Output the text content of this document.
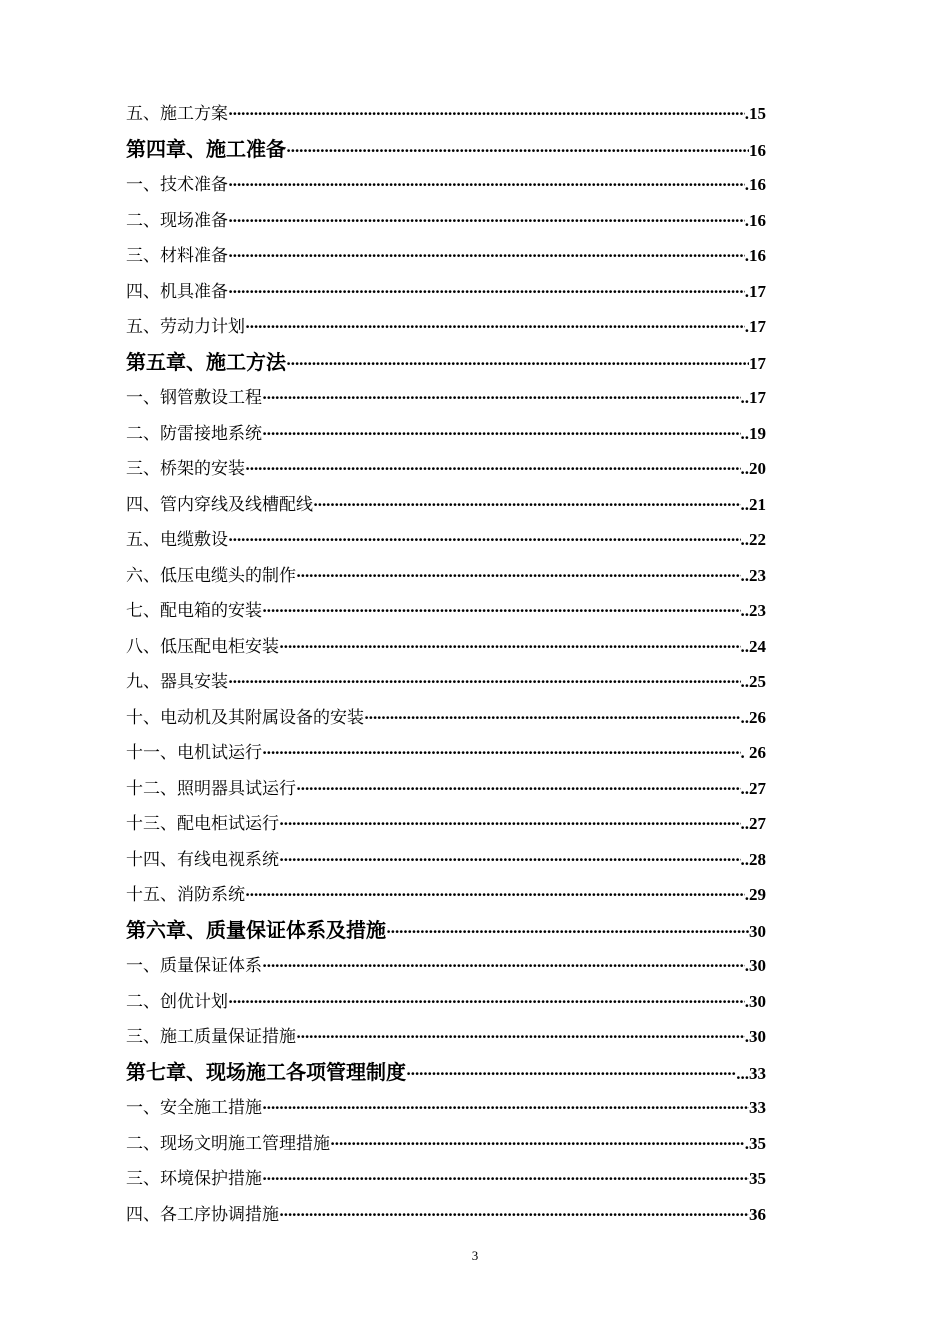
五、施工方案 ·····	.15
第四章、施工准备 ·····	16
一、技术准备 ·····	.16
二、现场准备 ·····	.16
三、材料准备 ·····	.16
四、机具准备 ·····	.17
五、劳动力计划 ·····	.17
第五章、施工方法 ·····	17
一、钢管敷设工程 ·····	..17
二、防雷接地系统 ·····	..19
三、桥架的安装 ·····	..20
四、管内穿线及线槽配线 ·····	..21
五、电缆敷设 ·····	..22
六、低压电缆头的制作 ·····	..23
七、配电箱的安装 ·····	..23
八、低压配电柜安装 ·····	..24
九、器具安装 ·····	..25
十、电动机及其附属设备的安装 ·····	..26
十一、电机试运行 ·····	. 26
十二、照明器具试运行 ·····	..27
十三、配电柜试运行 ·····	..27
十四、有线电视系统 ·····	..28
十五、消防系统 ·····	.29
第六章、质量保证体系及措施 ·····	30
一、质量保证体系 ·····	.30
二、创优计划 ·····	.30
三、施工质量保证措施 ·····	.30
第七章、现场施工各项管理制度 ·····	...33
一、安全施工措施 ·····	33
二、现场文明施工管理措施 ·····	.35
三、环境保护措施 ·····	35
四、各工序协调措施 ·····	36
3
